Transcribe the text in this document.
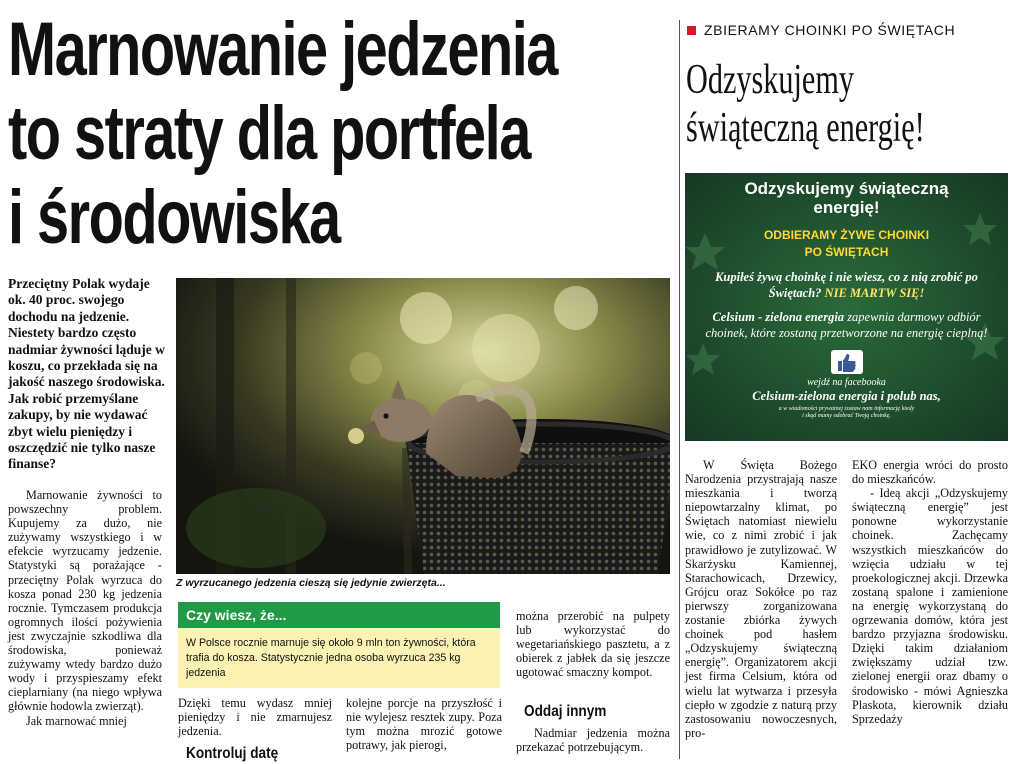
Marnowanie jedzenia
to straty dla portfela
i środowiska

Przeciętny Polak wydaje ok. 40 proc. swojego dochodu na jedzenie. Niestety bardzo często nadmiar żywności ląduje w koszu, co przekłada się na jakość naszego środowiska. Jak robić przemyślane zakupy, by nie wydawać zbyt wielu pieniędzy i oszczędzić nie tylko nasze finanse?

Marnowanie żywności to powszechny problem. Kupujemy za dużo, nie zużywamy wszystkiego i w efekcie wyrzucamy jedzenie. Statystyki są porażające - przeciętny Polak wyrzuca do kosza ponad 230 kg jedzenia rocznie. Tymczasem produkcja ogromnych ilości pożywienia jest zwyczajnie szkodliwa dla środowiska, ponieważ zużywamy wtedy bardzo dużo wody i przyspieszamy efekt cieplarniany (na niego wpływa głównie hodowla zwierząt).

Jak marnować mniej

Z wyrzucanego jedzenia cieszą się jedynie zwierzęta...

Czy wiesz, że...

W Polsce rocznie marnuje się około 9 mln ton żywności, która trafia do kosza. Statystycznie jedna osoba wyrzuca 235 kg jedzenia

Dzięki temu wydasz mniej pieniędzy i nie zmarnujesz jedzenia.

Kontroluj datę

kolejne porcje na przyszłość i nie wylejesz resztek zupy. Poza tym można mrozić gotowe potrawy, jak pierogi,

można przerobić na pulpety lub wykorzystać do wegetariańskiego pasztetu, a z obierek z jabłek da się jeszcze ugotować smaczny kompot.

Oddaj innym

Nadmiar jedzenia można przekazać potrzebującym.

ZBIERAMY CHOINKI PO ŚWIĘTACH

Odzyskujemy
świąteczną energię!

Odzyskujemy świąteczną
energię!

ODBIERAMY ŻYWE CHOINKI
PO ŚWIĘTACH

Kupiłeś żywą choinkę i nie wiesz, co z nią zrobić po Świętach? NIE MARTW SIĘ!

Celsium - zielona energia zapewnia darmowy odbiór choinek, które zostaną przetworzone na energię cieplną!

wejdź na facebooka

Celsium-zielona energia i polub nas,

a w wiadomości prywatnej zostaw nam informację kiedy
i skąd mamy odebrać Twoją choinkę.

W Święta Bożego Narodzenia przystrajają nasze mieszkania i tworzą niepowtarzalny klimat, po Świętach natomiast niewielu wie, co z nimi zrobić i jak prawidłowo je zutylizować. W Skarżysku Kamiennej, Starachowicach, Drzewicy, Grójcu oraz Sokółce po raz pierwszy zorganizowana zostanie zbiórka żywych choinek pod hasłem „Odzyskujemy świąteczną energię”. Organizatorem akcji jest firma Celsium, która od wielu lat wytwarza i przesyła ciepło w zgodzie z naturą przy zastosowaniu nowoczesnych, pro-

EKO energia wróci do prosto do mieszkańców.

- Ideą akcji „Odzyskujemy świąteczną energię” jest ponowne wykorzystanie choinek. Zachęcamy wszystkich mieszkańców do wzięcia udziału w tej proekologicznej akcji. Drzewka zostaną spalone i zamienione na energię wykorzystaną do ogrzewania domów, która jest bardzo przyjazna środowisku. Dzięki takim działaniom zwiększamy udział tzw. zielonej energii oraz dbamy o środowisko - mówi Agnieszka Plaskota, kierownik działu Sprzedaży
